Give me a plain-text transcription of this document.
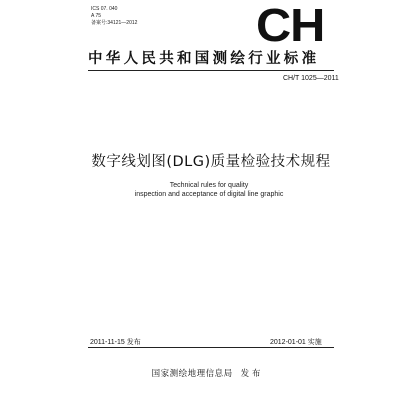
ICS 07. 040
A 75
备案号:34121—2012	CH
中华人民共和国测绘行业标准
CH/T 1025—2011
数字线划图(DLG)质量检验技术规程
Technical rules for quality
inspection and acceptance of digital line graphic
2011-11-15 发布	2012-01-01 实施
国家测绘地理信息局 发 布
